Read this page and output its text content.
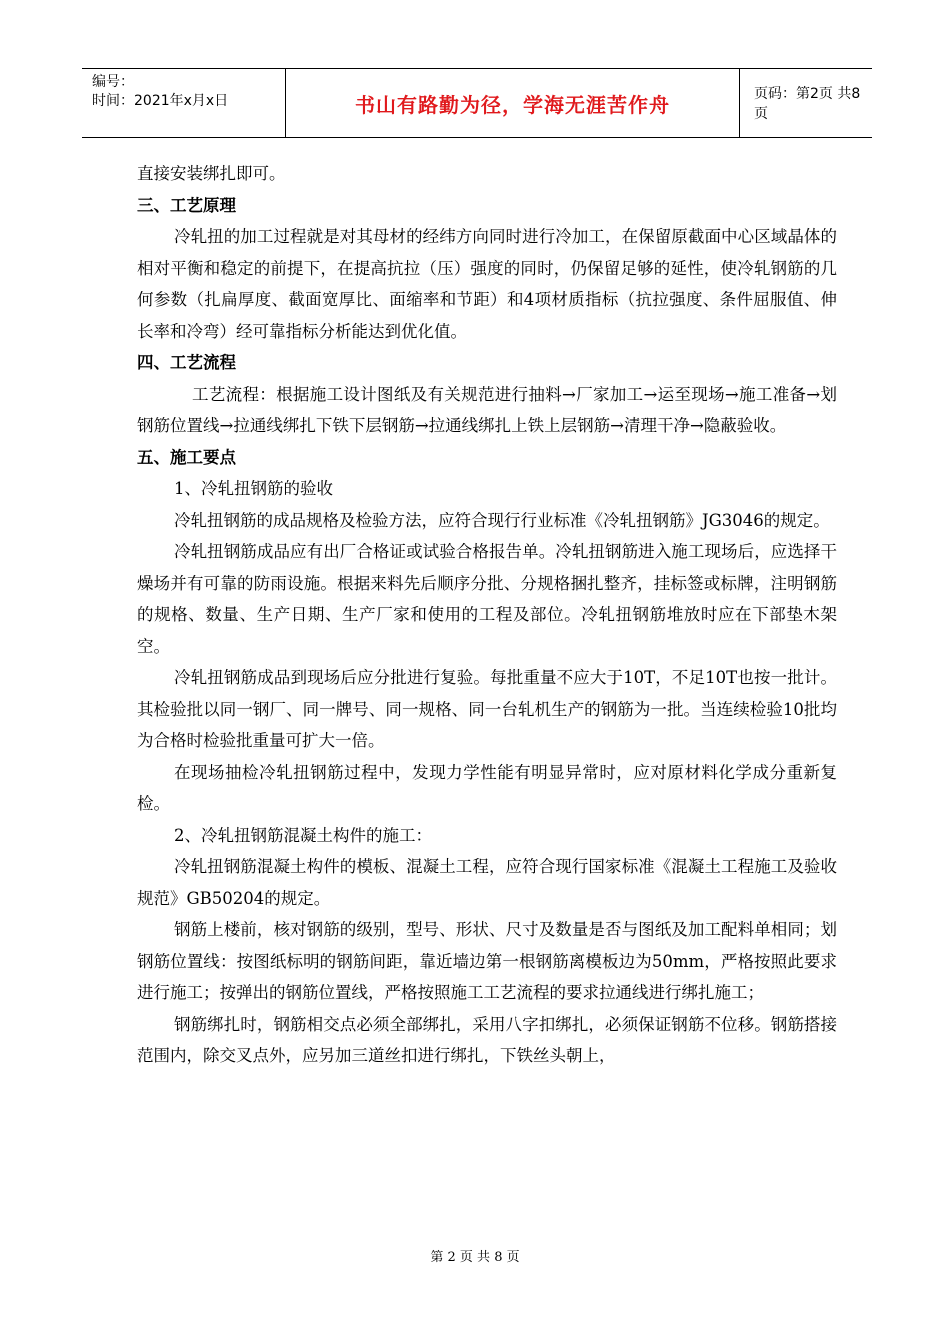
编号：
时间：2021年x月x日	书山有路勤为径，学海无涯苦作舟	页码：第2页 共8页

直接安装绑扎即可。

三、工艺原理

冷轧扭的加工过程就是对其母材的经纬方向同时进行冷加工，在保留原截面中心区域晶体的相对平衡和稳定的前提下，在提高抗拉（压）强度的同时，仍保留足够的延性，使冷轧钢筋的几何参数（扎扁厚度、截面宽厚比、面缩率和节距）和4项材质指标（抗拉强度、条件屈服值、伸长率和冷弯）经可靠指标分析能达到优化值。

四、工艺流程

工艺流程：根据施工设计图纸及有关规范进行抽料→厂家加工→运至现场→施工准备→划钢筋位置线→拉通线绑扎下铁下层钢筋→拉通线绑扎上铁上层钢筋→清理干净→隐蔽验收。

五、施工要点

1、冷轧扭钢筋的验收

冷轧扭钢筋的成品规格及检验方法，应符合现行行业标准《冷轧扭钢筋》JG3046的规定。

冷轧扭钢筋成品应有出厂合格证或试验合格报告单。冷轧扭钢筋进入施工现场后，应选择干燥场并有可靠的防雨设施。根据来料先后顺序分批、分规格捆扎整齐，挂标签或标牌，注明钢筋的规格、数量、生产日期、生产厂家和使用的工程及部位。冷轧扭钢筋堆放时应在下部垫木架空。

冷轧扭钢筋成品到现场后应分批进行复验。每批重量不应大于10T，不足10T也按一批计。其检验批以同一钢厂、同一牌号、同一规格、同一台轧机生产的钢筋为一批。当连续检验10批均为合格时检验批重量可扩大一倍。

在现场抽检冷轧扭钢筋过程中，发现力学性能有明显异常时，应对原材料化学成分重新复检。

2、冷轧扭钢筋混凝土构件的施工：

冷轧扭钢筋混凝土构件的模板、混凝土工程，应符合现行国家标准《混凝土工程施工及验收规范》GB50204的规定。

钢筋上楼前，核对钢筋的级别，型号、形状、尺寸及数量是否与图纸及加工配料单相同；划钢筋位置线：按图纸标明的钢筋间距，靠近墙边第一根钢筋离模板边为50mm，严格按照此要求进行施工；按弹出的钢筋位置线，严格按照施工工艺流程的要求拉通线进行绑扎施工；

钢筋绑扎时，钢筋相交点必须全部绑扎，采用八字扣绑扎，必须保证钢筋不位移。钢筋搭接范围内，除交叉点外，应另加三道丝扣进行绑扎，下铁丝头朝上，

第 2 页 共 8 页
